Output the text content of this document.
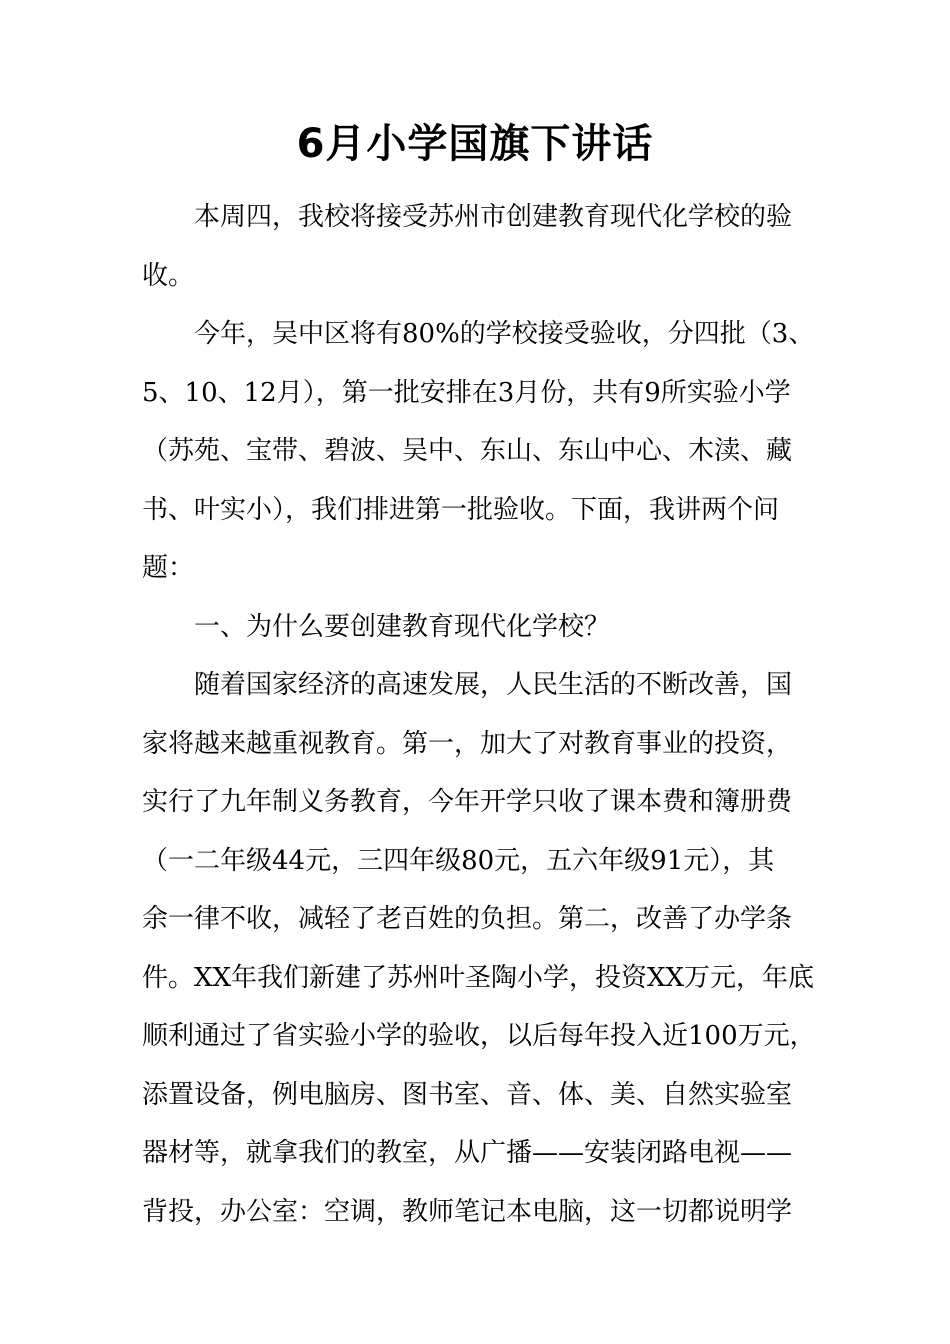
6月小学国旗下讲话
本周四，我校将接受苏州市创建教育现代化学校的验
收。
今年，吴中区将有80%的学校接受验收，分四批（3、
5、10、12月），第一批安排在3月份，共有9所实验小学
（苏苑、宝带、碧波、吴中、东山、东山中心、木渎、藏
书、叶实小），我们排进第一批验收。下面，我讲两个问
题：
一、为什么要创建教育现代化学校？
随着国家经济的高速发展，人民生活的不断改善，国
家将越来越重视教育。第一，加大了对教育事业的投资，
实行了九年制义务教育，今年开学只收了课本费和簿册费
（一二年级44元，三四年级80元，五六年级91元），其
余一律不收，减轻了老百姓的负担。第二，改善了办学条
件。XX年我们新建了苏州叶圣陶小学，投资XX万元，年底
顺利通过了省实验小学的验收，以后每年投入近100万元，
添置设备，例电脑房、图书室、音、体、美、自然实验室
器材等，就拿我们的教室，从广播——安装闭路电视——
背投，办公室：空调，教师笔记本电脑，这一切都说明学
